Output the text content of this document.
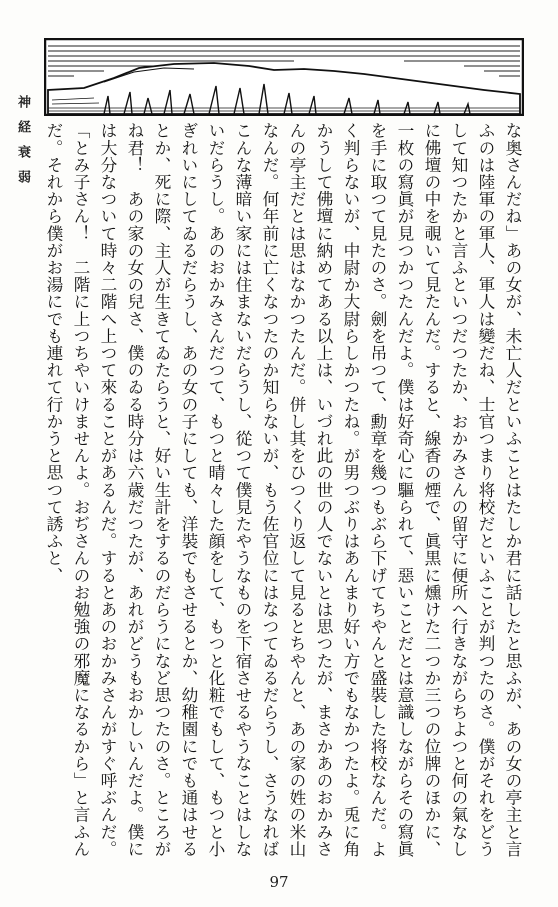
神経衰弱	な奥さんだね」あの女が、未亡人だといふことはたしか君に話したと思ふが、あの女の亭主と言ふのは陸軍の軍人、軍人は變だね、士官つまり将校だといふことが判つたのさ。僕がそれをどうして知つたかと言ふといつだつたか、おかみさんの留守に便所へ行きながらちよつと何の氣なしに佛壇の中を覗いて見たんだ。すると、線香の煙で、眞黒に燻けた二つか三つの位牌のほかに、一枚の寫眞が見つかつたんだよ。僕は好奇心に驅られて、惡いことだとは意識しながらその寫眞を手に取つて見たのさ。劍を吊つて、勳章を幾つもぶら下げてちやんと盛裝した将校なんだ。よく判らないが、中尉か大尉らしかつたね。が男つぶりはあんまり好い方でもなかつたよ。兎に角かうして佛壇に納めてある以上は、いづれ此の世の人でないとは思つたが、まさかあのおかみさんの亭主だとは思はなかつたんだ。併し其をひつくり返して見るとちやんと、あの家の姓の米山なんだ。何年前に亡くなつたのか知らないが、もう佐官位にはなつてゐるだらうし、さうなればこんな薄暗い家には住まないだらうし、從つて僕見たやうなものを下宿させるやうなことはしないだらうし。あのおかみさんだつて、もつと晴々した顔をして、もつと化粧でもして、もつと小ぎれいにしてゐるだらうし、あの女の子にしても、洋裝でもさせるとか、幼稚園にでも通はせるとか、死に際、主人が生きてゐたらうと、好い生計をするのだらうになど思つたのさ。ところがね君！　あの家の女の兒さ、僕のゐる時分は六歳だつたが、あれがどうもおかしいんだよ。僕には大分なついて時々二階へ上つて來ることがあるんだ。するとあのおかみさんがすぐ呼ぶんだ。

「とみ子さん！　二階に上つちやいけませんよ。おぢさんのお勉強の邪魔になるから」と言ふんだ。それから僕がお湯にでも連れて行かうと思つて誘ふと、

97
